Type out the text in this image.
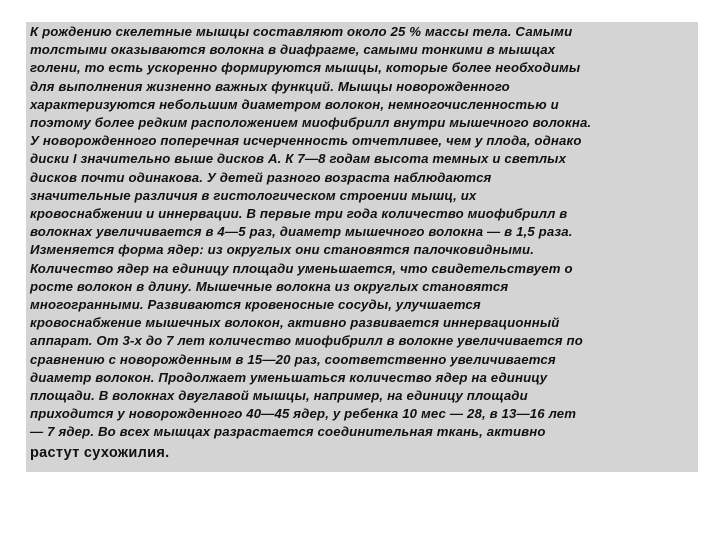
К рождению скелетные мышцы составляют около 25 % массы тела. Самыми
толстыми оказываются волокна в диафрагме, самыми тонкими в мышцах
голени, то есть ускоренно формируются мышцы, которые более необходимы
для выполнения жизненно важных функций. Мышцы новорожденного
характеризуются небольшим диаметром волокон, немногочисленностью и
поэтому более редким расположением миофибрилл внутри мышечного волокна.
У новорожденного поперечная исчерченность отчетливее, чем у плода, однако
диски I значительно выше дисков А. К 7—8 годам высота темных и светлых
дисков почти одинакова. У детей разного возраста наблюдаются
значительные различия в гистологическом строении мышц, их
кровоснабжении и иннервации. В первые три года количество миофибрилл в
волокнах увеличивается в 4—5 раз, диаметр мышечного волокна — в 1,5 раза.
Изменяется форма ядер: из округлых они становятся палочковидными.
Количество ядер на единицу площади уменьшается, что свидетельствует о
росте волокон в длину. Мышечные волокна из округлых становятся
многогранными. Развиваются кровеносные сосуды, улучшается
кровоснабжение мышечных волокон, активно развивается иннервационный
аппарат. От 3-х до 7 лет количество миофибрилл в волокне увеличивается по
сравнению с новорожденным в 15—20 раз, соответственно увеличивается
диаметр волокон. Продолжает уменьшаться количество ядер на единицу
площади. В волокнах двуглавой мышцы, например, на единицу площади
приходится у новорожденного 40—45 ядер, у ребенка 10 мес — 28, в 13—16 лет
— 7 ядер. Во всех мышцах разрастается соединительная ткань, активно
растут сухожилия.
